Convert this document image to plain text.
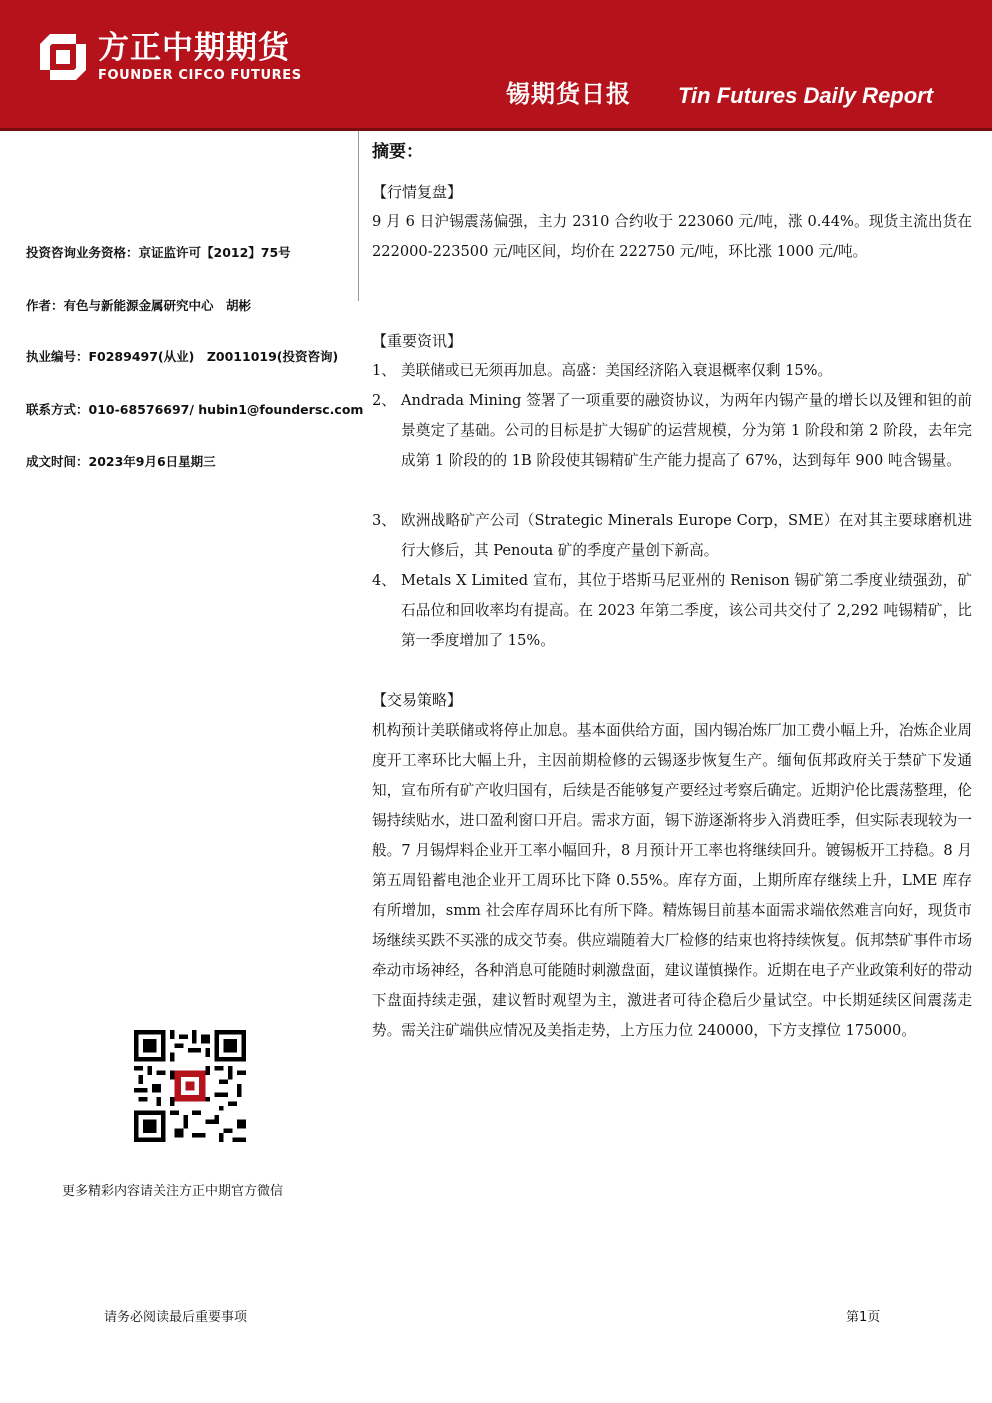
方正中期期货
FOUNDER CIFCO FUTURES
锡期货日报 Tin Futures Daily Report
投资咨询业务资格：京证监许可【2012】75号
作者：有色与新能源金属研究中心　胡彬
执业编号：F0289497(从业)　Z0011019(投资咨询)
联系方式：010-68576697/ hubin1@foundersc.com
成文时间：2023年9月6日星期三
更多精彩内容请关注方正中期官方微信
摘要：
【行情复盘】
9 月 6 日沪锡震荡偏强，主力 2310 合约收于 223060 元/吨，涨 0.44%。现货主流出货在 222000-223500 元/吨区间，均价在 222750 元/吨，环比涨 1000 元/吨。
【重要资讯】
1、 美联储或已无须再加息。高盛：美国经济陷入衰退概率仅剩 15%。
2、 Andrada Mining 签署了一项重要的融资协议，为两年内锡产量的增长以及锂和钽的前景奠定了基础。公司的目标是扩大锡矿的运营规模，分为第 1 阶段和第 2 阶段，去年完成第 1 阶段的的 1B 阶段使其锡精矿生产能力提高了 67%，达到每年 900 吨含锡量。
3、 欧洲战略矿产公司（Strategic Minerals Europe Corp，SME）在对其主要球磨机进行大修后，其 Penouta 矿的季度产量创下新高。
4、 Metals X Limited 宣布，其位于塔斯马尼亚州的 Renison 锡矿第二季度业绩强劲，矿石品位和回收率均有提高。在 2023 年第二季度，该公司共交付了 2,292 吨锡精矿，比第一季度增加了 15%。
【交易策略】
机构预计美联储或将停止加息。基本面供给方面，国内锡冶炼厂加工费小幅上升，冶炼企业周度开工率环比大幅上升，主因前期检修的云锡逐步恢复生产。缅甸佤邦政府关于禁矿下发通知，宣布所有矿产收归国有，后续是否能够复产要经过考察后确定。近期沪伦比震荡整理，伦锡持续贴水，进口盈利窗口开启。需求方面，锡下游逐渐将步入消费旺季，但实际表现较为一般。7 月锡焊料企业开工率小幅回升，8 月预计开工率也将继续回升。镀锡板开工持稳。8 月第五周铅蓄电池企业开工周环比下降 0.55%。库存方面，上期所库存继续上升，LME 库存有所增加，smm 社会库存周环比有所下降。精炼锡目前基本面需求端依然难言向好，现货市场继续买跌不买涨的成交节奏。供应端随着大厂检修的结束也将持续恢复。佤邦禁矿事件市场牵动市场神经，各种消息可能随时刺激盘面，建议谨慎操作。近期在电子产业政策利好的带动下盘面持续走强，建议暂时观望为主，激进者可待企稳后少量试空。中长期延续区间震荡走势。需关注矿端供应情况及美指走势，上方压力位 240000，下方支撑位 175000。
请务必阅读最后重要事项	第1页
